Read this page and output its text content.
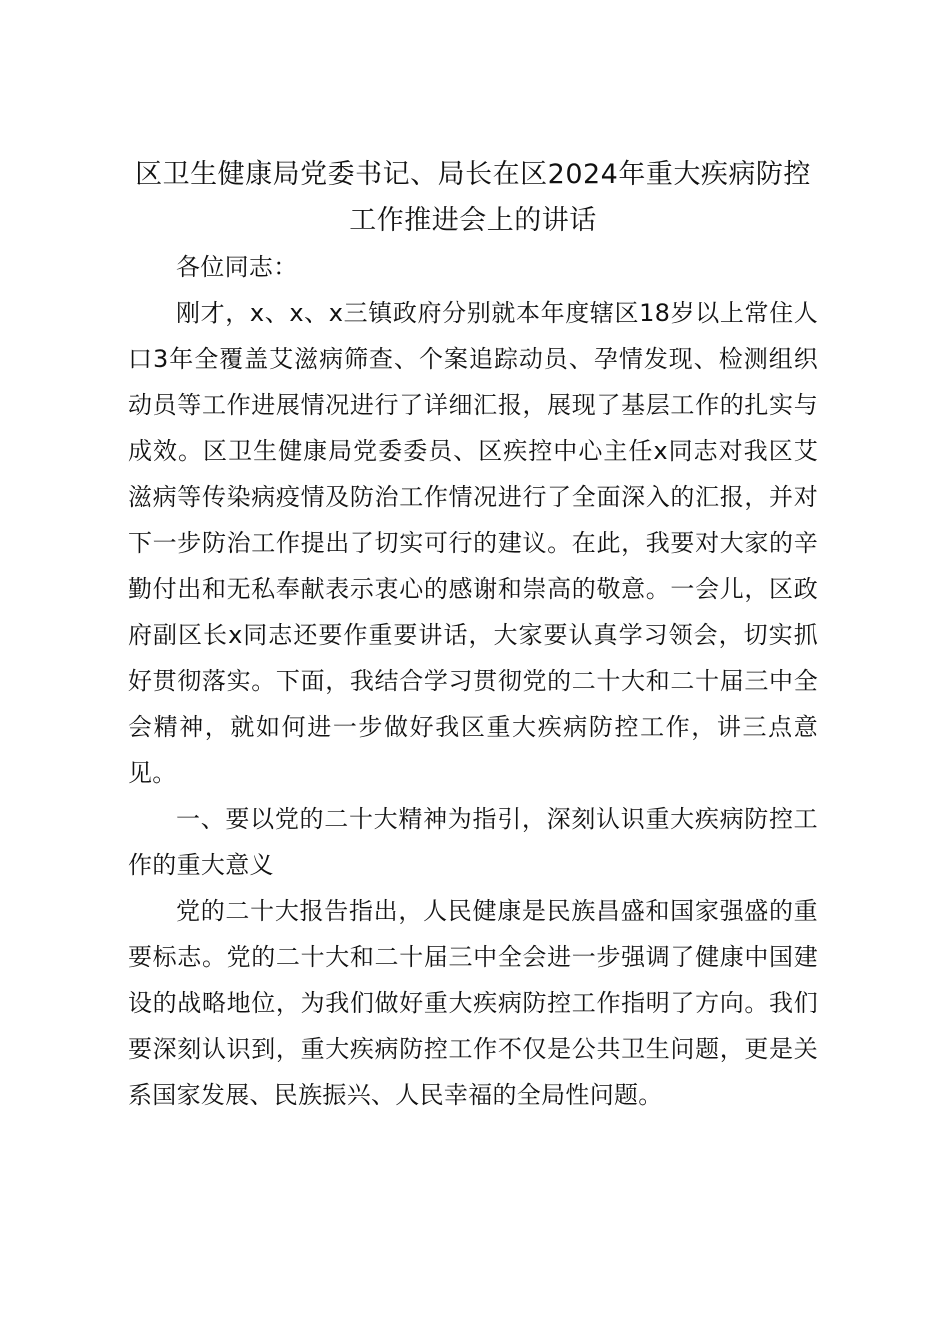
区卫生健康局党委书记、局长在区2024年重大疾病防控工作推进会上的讲话

各位同志：

刚才，x、x、x三镇政府分别就本年度辖区18岁以上常住人口3年全覆盖艾滋病筛查、个案追踪动员、孕情发现、检测组织动员等工作进展情况进行了详细汇报，展现了基层工作的扎实与成效。区卫生健康局党委委员、区疾控中心主任x同志对我区艾滋病等传染病疫情及防治工作情况进行了全面深入的汇报，并对下一步防治工作提出了切实可行的建议。在此，我要对大家的辛勤付出和无私奉献表示衷心的感谢和崇高的敬意。一会儿，区政府副区长x同志还要作重要讲话，大家要认真学习领会，切实抓好贯彻落实。下面，我结合学习贯彻党的二十大和二十届三中全会精神，就如何进一步做好我区重大疾病防控工作，讲三点意见。

一、要以党的二十大精神为指引，深刻认识重大疾病防控工作的重大意义

党的二十大报告指出，人民健康是民族昌盛和国家强盛的重要标志。党的二十大和二十届三中全会进一步强调了健康中国建设的战略地位，为我们做好重大疾病防控工作指明了方向。我们要深刻认识到，重大疾病防控工作不仅是公共卫生问题，更是关系国家发展、民族振兴、人民幸福的全局性问题。
